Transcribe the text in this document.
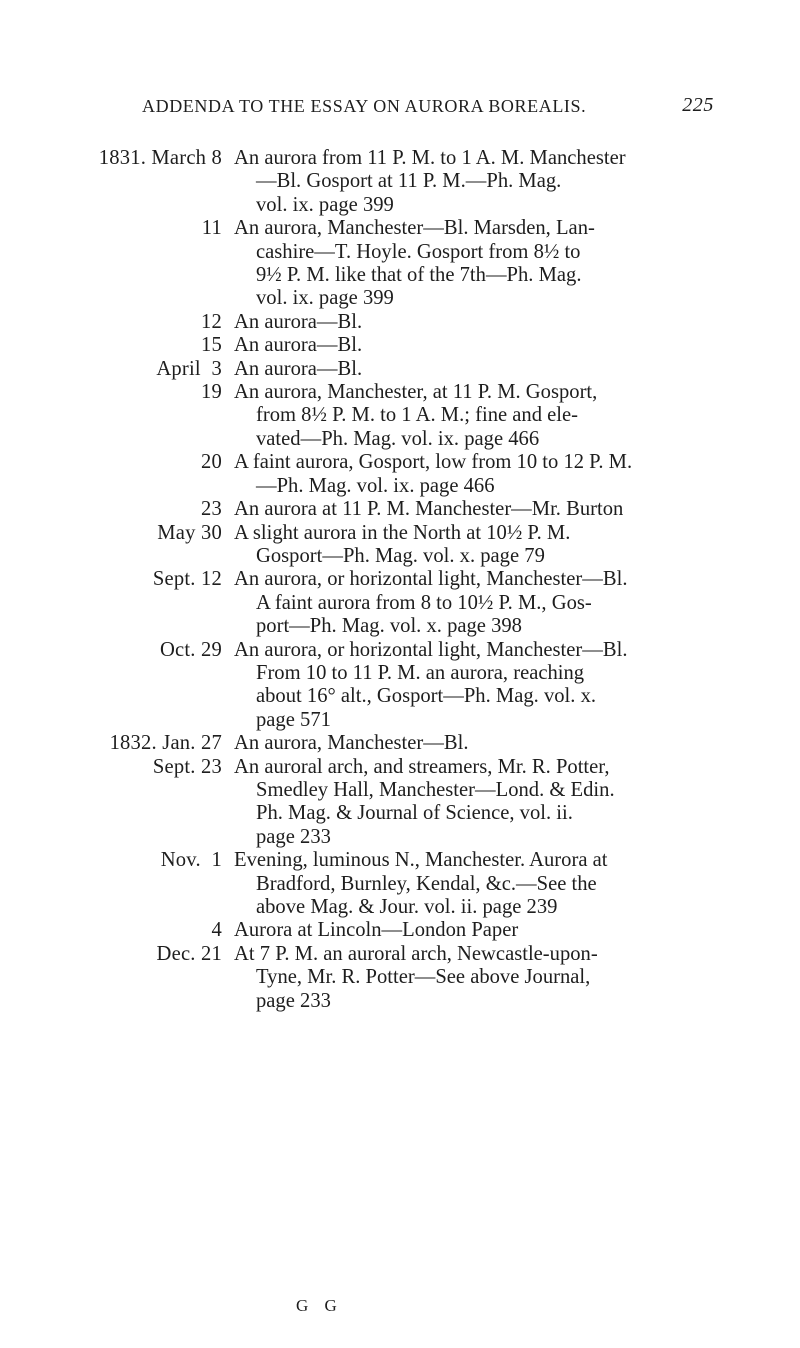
ADDENDA TO THE ESSAY ON AURORA BOREALIS.	225
1831. March 8 An aurora from 11 P. M. to 1 A. M. Manchester
—Bl. Gosport at 11 P. M.—Ph. Mag.
vol. ix. page 399
11 An aurora, Manchester—Bl. Marsden, Lan-
cashire—T. Hoyle. Gosport from 8½ to
9½ P. M. like that of the 7th—Ph. Mag.
vol. ix. page 399
12 An aurora—Bl.
15 An aurora—Bl.
April  3 An aurora—Bl.
19 An aurora, Manchester, at 11 P. M. Gosport,
from 8½ P. M. to 1 A. M.; fine and ele-
vated—Ph. Mag. vol. ix. page 466
20 A faint aurora, Gosport, low from 10 to 12 P. M.
—Ph. Mag. vol. ix. page 466
23 An aurora at 11 P. M. Manchester—Mr. Burton
May 30 A slight aurora in the North at 10½ P. M.
Gosport—Ph. Mag. vol. x. page 79
Sept. 12 An aurora, or horizontal light, Manchester—Bl.
A faint aurora from 8 to 10½ P. M., Gos-
port—Ph. Mag. vol. x. page 398
Oct. 29 An aurora, or horizontal light, Manchester—Bl.
From 10 to 11 P. M. an aurora, reaching
about 16° alt., Gosport—Ph. Mag. vol. x.
page 571
1832. Jan. 27 An aurora, Manchester—Bl.
Sept. 23 An auroral arch, and streamers, Mr. R. Potter,
Smedley Hall, Manchester—Lond. & Edin.
Ph. Mag. & Journal of Science, vol. ii.
page 233
Nov.  1 Evening, luminous N., Manchester. Aurora at
Bradford, Burnley, Kendal, &c.—See the
above Mag. & Jour. vol. ii. page 239
4 Aurora at Lincoln—London Paper
Dec. 21 At 7 P. M. an auroral arch, Newcastle-upon-
Tyne, Mr. R. Potter—See above Journal,
page 233
G G
